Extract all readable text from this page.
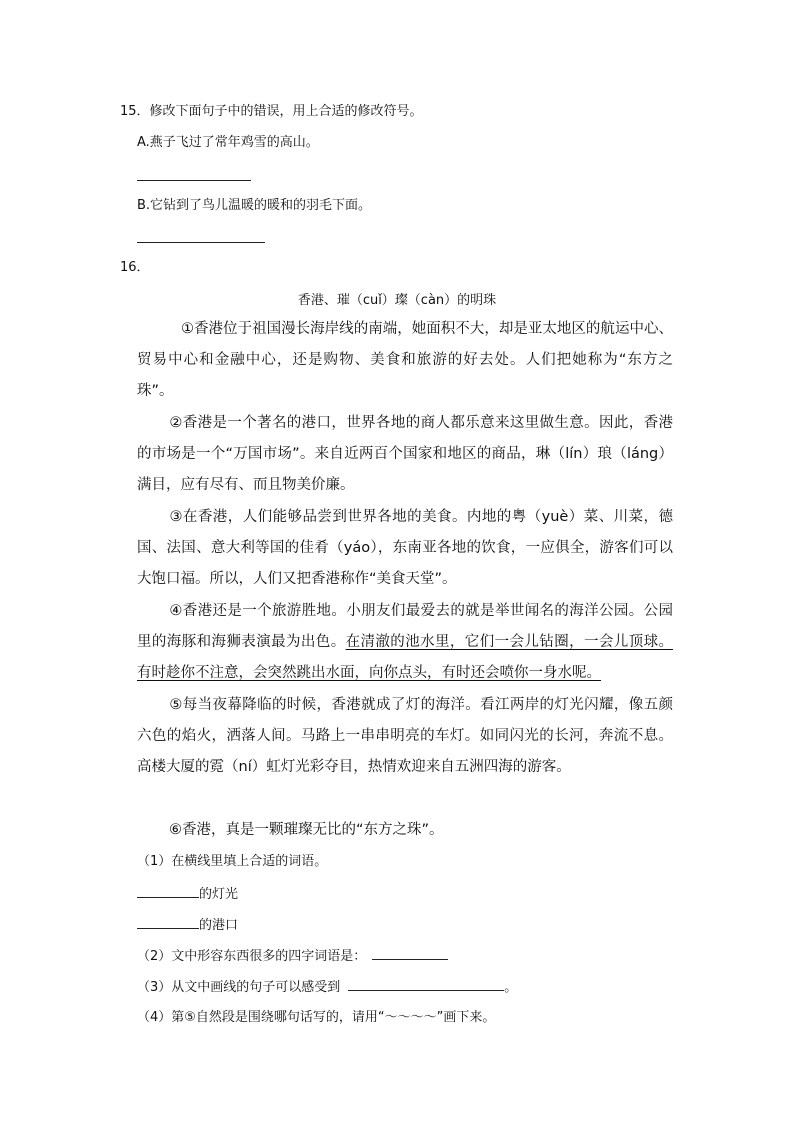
15．修改下面句子中的错误，用上合适的修改符号。
A.燕子飞过了常年鸡雪的高山。
B.它钻到了鸟儿温暖的暖和的羽毛下面。
16．
香港、璀（cuǐ）璨（càn）的明珠
①香港位于祖国漫长海岸线的南端，她面积不大，却是亚太地区的航运中心、贸易中心和金融中心，还是购物、美食和旅游的好去处。人们把她称为“东方之珠”。
②香港是一个著名的港口，世界各地的商人都乐意来这里做生意。因此，香港的市场是一个“万国市场”。来自近两百个国家和地区的商品，琳（lín）琅（láng）满目，应有尽有、而且物美价廉。
③在香港，人们能够品尝到世界各地的美食。内地的粤（yuè）菜、川菜，德国、法国、意大利等国的佳肴（yáo），东南亚各地的饮食，一应俱全，游客们可以大饱口福。所以，人们又把香港称作“美食天堂”。
④香港还是一个旅游胜地。小朋友们最爱去的就是举世闻名的海洋公园。公园里的海豚和海狮表演最为出色。在清澈的池水里，它们一会儿钻圈，一会儿顶球。有时趁你不注意，会突然跳出水面，向你点头，有时还会喷你一身水呢。
⑤每当夜幕降临的时候，香港就成了灯的海洋。看江两岸的灯光闪耀，像五颜六色的焰火，洒落人间。马路上一串串明亮的车灯。如同闪光的长河，奔流不息。高楼大厦的霓（ní）虹灯光彩夺目，热情欢迎来自五洲四海的游客。
⑥香港，真是一颗璀璨无比的“东方之珠”。
（1）在横线里填上合适的词语。
的灯光
的港口
（2）文中形容东西很多的四字词语是：
（3）从文中画线的句子可以感受到	。
（4）第⑤自然段是围绕哪句话写的，请用“～～～～”画下来。
